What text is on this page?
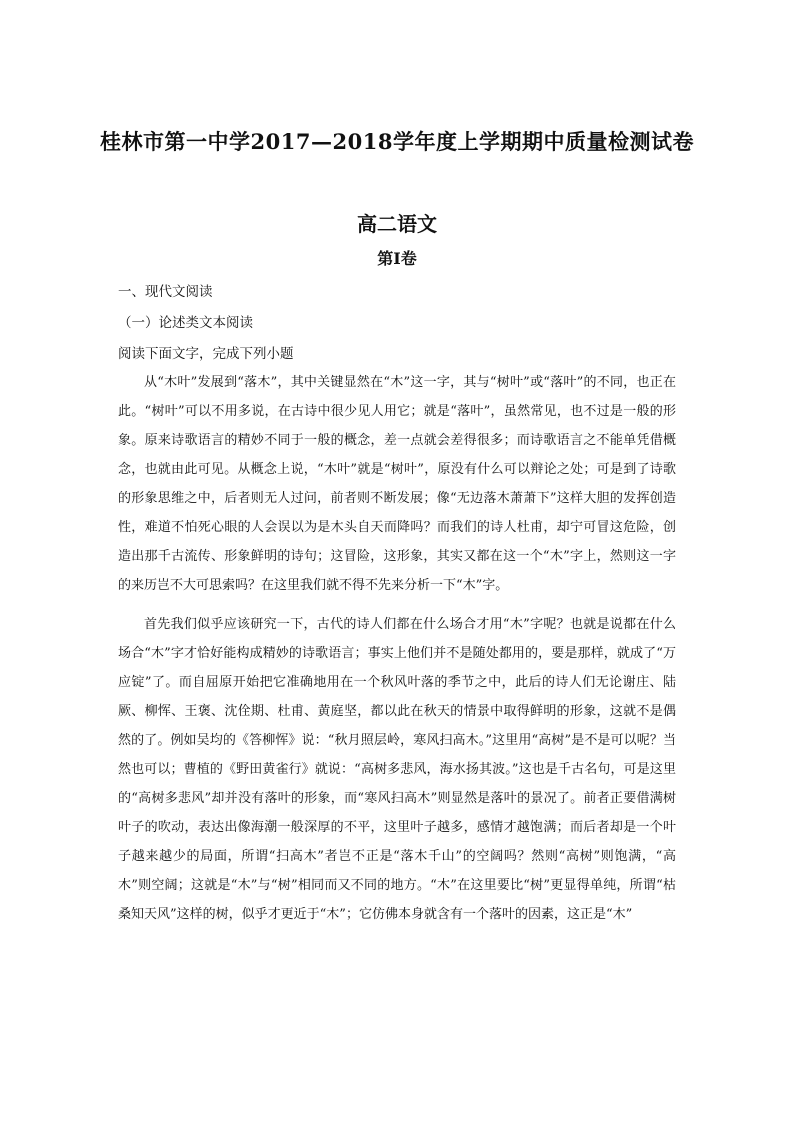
桂林市第一中学2017—2018学年度上学期期中质量检测试卷
高二语文
第I卷
一、现代文阅读
（一）论述类文本阅读
阅读下面文字，完成下列小题

从“木叶”发展到“落木”，其中关键显然在“木”这一字，其与“树叶”或“落叶”的不同，也正在此。“树叶”可以不用多说，在古诗中很少见人用它；就是“落叶”，虽然常见，也不过是一般的形象。原来诗歌语言的精妙不同于一般的概念，差一点就会差得很多；而诗歌语言之不能单凭借概念，也就由此可见。从概念上说，“木叶”就是“树叶”，原没有什么可以辩论之处；可是到了诗歌的形象思维之中，后者则无人过问，前者则不断发展；像“无边落木萧萧下”这样大胆的发挥创造性，难道不怕死心眼的人会误以为是木头自天而降吗？而我们的诗人杜甫，却宁可冒这危险，创造出那千古流传、形象鲜明的诗句；这冒险，这形象，其实又都在这一个“木”字上，然则这一字的来历岂不大可思索吗？在这里我们就不得不先来分析一下“木”字。

首先我们似乎应该研究一下，古代的诗人们都在什么场合才用“木”字呢？也就是说都在什么场合“木”字才恰好能构成精妙的诗歌语言；事实上他们并不是随处都用的，要是那样，就成了“万应锭”了。而自屈原开始把它准确地用在一个秋风叶落的季节之中，此后的诗人们无论谢庄、陆厥、柳恽、王褒、沈佺期、杜甫、黄庭坚，都以此在秋天的情景中取得鲜明的形象，这就不是偶然的了。例如吴均的《答柳恽》说：“秋月照层岭，寒风扫高木。”这里用“高树”是不是可以呢？当然也可以；曹植的《野田黄雀行》就说：“高树多悲风，海水扬其波。”这也是千古名句，可是这里的“高树多悲风”却并没有落叶的形象，而“寒风扫高木”则显然是落叶的景况了。前者正要借满树叶子的吹动，表达出像海潮一般深厚的不平，这里叶子越多，感情才越饱满；而后者却是一个叶子越来越少的局面，所谓“扫高木”者岂不正是“落木千山”的空阔吗？然则“高树”则饱满，“高木”则空阔；这就是“木”与“树”相同而又不同的地方。“木”在这里要比“树”更显得单纯，所谓“枯桑知天风”这样的树，似乎才更近于“木”；它仿佛本身就含有一个落叶的因素，这正是“木”
